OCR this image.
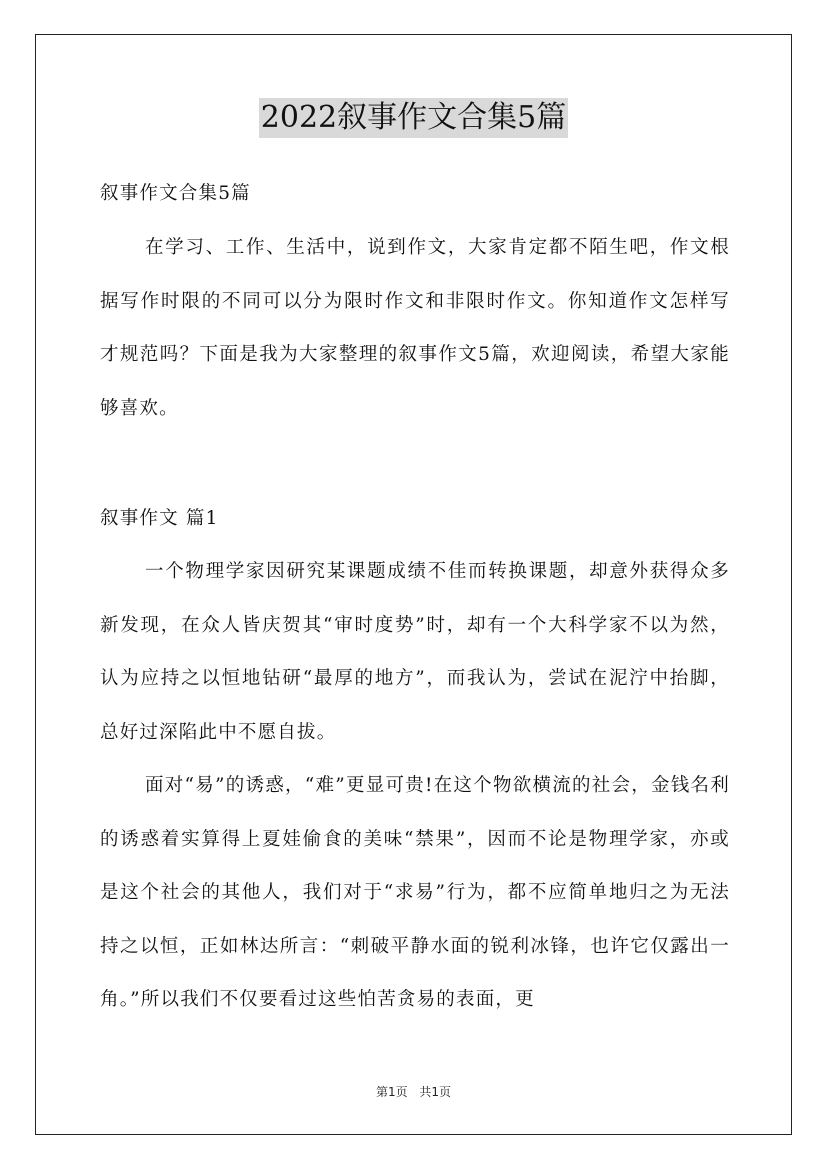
2022叙事作文合集5篇

叙事作文合集5篇

在学习、工作、生活中，说到作文，大家肯定都不陌生吧，作文根据写作时限的不同可以分为限时作文和非限时作文。你知道作文怎样写才规范吗？下面是我为大家整理的叙事作文5篇，欢迎阅读，希望大家能够喜欢。

叙事作文 篇1

一个物理学家因研究某课题成绩不佳而转换课题，却意外获得众多新发现，在众人皆庆贺其“审时度势”时，却有一个大科学家不以为然，认为应持之以恒地钻研“最厚的地方”，而我认为，尝试在泥泞中抬脚，总好过深陷此中不愿自拔。

面对“易”的诱惑，“难”更显可贵!在这个物欲横流的社会，金钱名利的诱惑着实算得上夏娃偷食的美味“禁果”，因而不论是物理学家，亦或是这个社会的其他人，我们对于“求易”行为，都不应简单地归之为无法持之以恒，正如林达所言：“刺破平静水面的锐利冰锋，也许它仅露出一角。”所以我们不仅要看过这些怕苦贪易的表面，更

第1页 共1页
